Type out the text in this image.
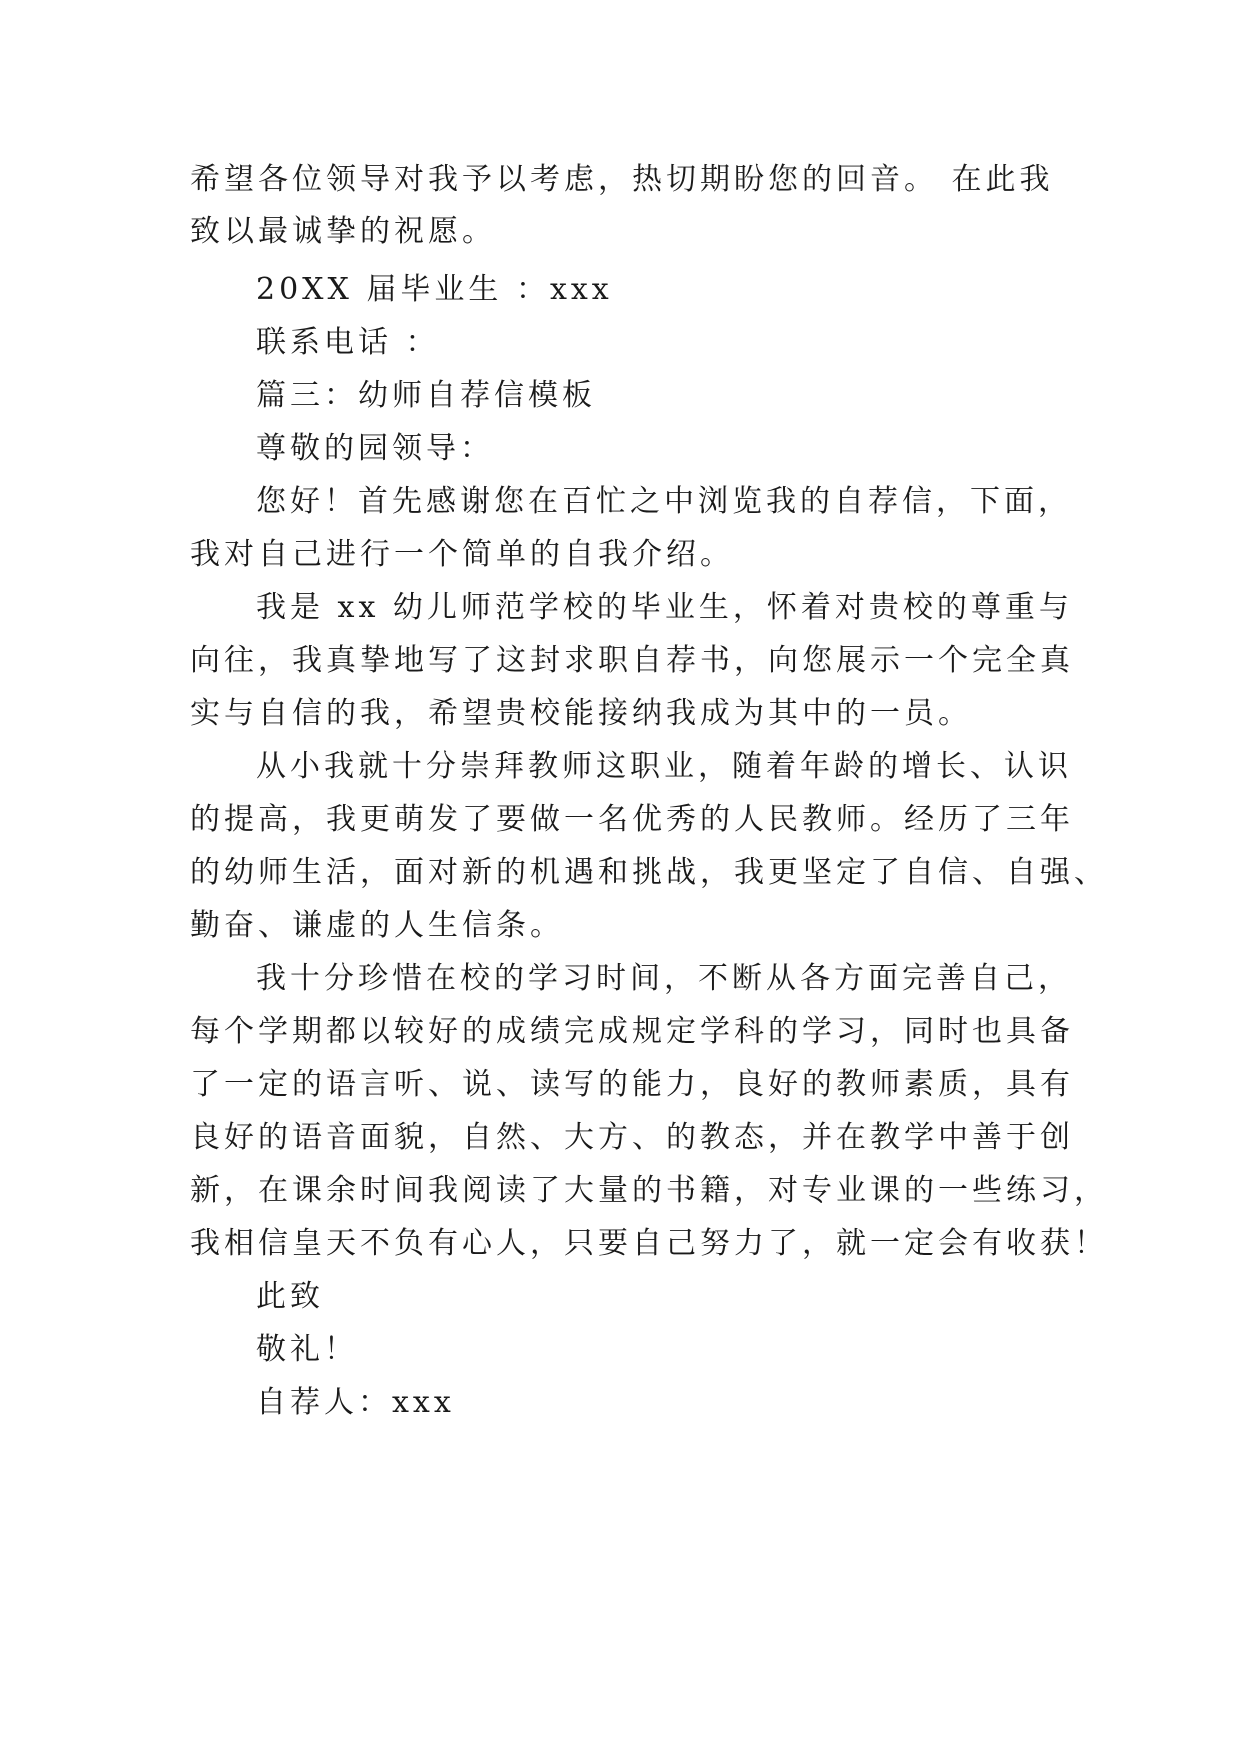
希望各位领导对我予以考虑，热切期盼您的回音。 在此我
致以最诚挚的祝愿。
20XX 届毕业生 ：xxx
联系电话 ：
篇三：幼师自荐信模板
尊敬的园领导：
您好！首先感谢您在百忙之中浏览我的自荐信，下面，
我对自己进行一个简单的自我介绍。
我是 xx 幼儿师范学校的毕业生，怀着对贵校的尊重与
向往，我真挚地写了这封求职自荐书，向您展示一个完全真
实与自信的我，希望贵校能接纳我成为其中的一员。
从小我就十分崇拜教师这职业，随着年龄的增长、认识
的提高，我更萌发了要做一名优秀的人民教师。经历了三年
的幼师生活，面对新的机遇和挑战，我更坚定了自信、自强、
勤奋、谦虚的人生信条。
我十分珍惜在校的学习时间，不断从各方面完善自己，
每个学期都以较好的成绩完成规定学科的学习，同时也具备
了一定的语言听、说、读写的能力，良好的教师素质，具有
良好的语音面貌，自然、大方、的教态，并在教学中善于创
新，在课余时间我阅读了大量的书籍，对专业课的一些练习，
我相信皇天不负有心人，只要自己努力了，就一定会有收获！
此致
敬礼！
自荐人：xxx
